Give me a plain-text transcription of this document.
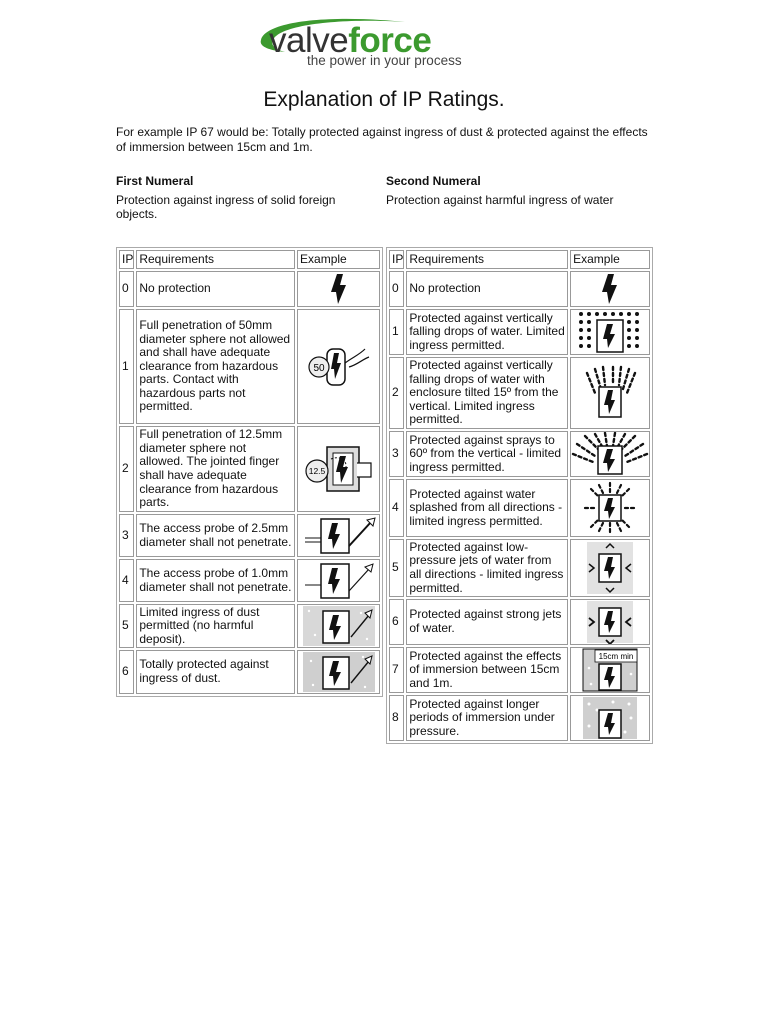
valveforce
the power in your process
Explanation of IP Ratings.
For example IP 67 would be: Totally protected against ingress of dust & protected against the effects of immersion between 15cm and 1m.
First Numeral
Protection against ingress of solid foreign objects.
Second Numeral
Protection against harmful ingress of water
IP	Requirements	Example
0	No protection	

1	Full penetration of 50mm diameter sphere not allowed and shall have adequate clearance from hazardous parts. Contact with hazardous parts not permitted.	50

2	Full penetration of 12.5mm diameter sphere not allowed. The jointed finger shall have adequate clearance from hazardous parts.	12.5

3	The access probe of 2.5mm diameter shall not penetrate.	

4	The access probe of 1.0mm diameter shall not penetrate.	

5	Limited ingress of dust permitted (no harmful deposit).	

6	Totally protected against ingress of dust.	
IP	Requirements	Example
0	No protection	

1	Protected against vertically falling drops of water. Limited ingress permitted.	

2	Protected against vertically falling drops of water with enclosure tilted 15º from the vertical. Limited ingress permitted.	

3	Protected against sprays to 60º from the vertical - limited ingress permitted.	

4	Protected against water splashed from all directions - limited ingress permitted.	

5	Protected against low-pressure jets of water from all directions - limited ingress permitted.	

6	Protected against strong jets of water.	

7	Protected against the effects of immersion between 15cm and 1m.	15cm min

8	Protected against longer periods of immersion under pressure.	
